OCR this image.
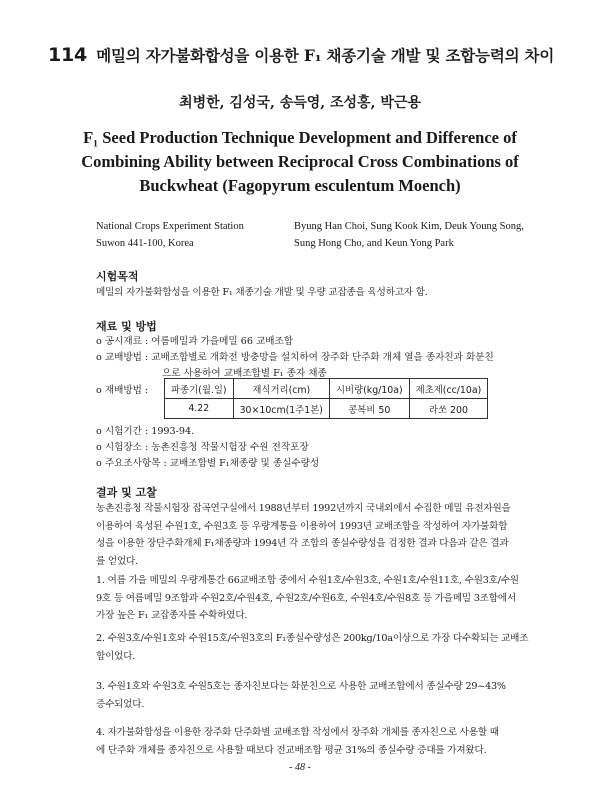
114 메밀의 자가불화합성을 이용한 F₁ 채종기술 개발 및 조합능력의 차이
최병한, 김성국, 송득영, 조성홍, 박근용
F₁ Seed Production Technique Development and Difference of
Combining Ability between Reciprocal Cross Combinations of
Buckwheat (Fagopyrum esculentum Moench)
National Crops Experiment Station
Suwon 441-100, Korea
Byung Han Choi, Sung Kook Kim, Deuk Young Song,
Sung Hong Cho, and Keun Yong Park
시험목적
메밀의 자가불화합성을 이용한 F₁ 채종기술 개발 및 우량 교잡종을 육성하고자 함.
재료 및 방법
o 공시재료 : 여름메밀과 가을메밀 66 교배조합
o 교배방법 : 교배조합별로 개화전 방충망을 설치하여 장주화 단주화 개체 열을 종자친과 화분친
으로 사용하여 교배조합별 F₁ 종자 채종
o 재배방법 : 파종기(월.일)	재식거리(cm)	시비량(kg/10a)	제초제(cc/10a)
4.22	30×10cm(1주1본)	콩복비 50	라쏘 200
o 시험기간 : 1993-94.
o 시험장소 : 농촌진흥청 작물시험장 수원 전작포장
o 주요조사항목 : 교배조합별 F₁채종량 및 종실수량성
결과 및 고찰
농촌진흥청 작물시험장 잡곡연구실에서 1988년부터 1992년까지 국내외에서 수집한 메밀 유전자원을
이용하여 육성된 수원1호, 수원3호 등 우량계통을 이용하여 1993년 교배조합을 작성하여 자가불화합
성을 이용한 장단주화개체 F₁채종량과 1994년 각 조합의 종실수량성을 검정한 결과 다음과 같은 결과
를 얻었다.
1. 여름 가을 메밀의 우량계통간 66교배조합 중에서 수원1호/수원3호, 수원1호/수원11호, 수원3호/수원
9호 등 여름메밀 9조합과 수원2호/수원4호, 수원2호/수원6호, 수원4호/수원8호 등 가을메밀 3조합에서
가장 높은 F₁ 교잡종자를 수확하였다.
2. 수원3호/수원1호와 수원15호/수원3호의 F₁종실수량성은 200kg/10a이상으로 가장 다수확되는 교배조
합이었다.
3. 수원1호와 수원3호 수원5호는 종자친보다는 화분친으로 사용한 교배조합에서 종실수량 29~43%
증수되었다.
4. 자가불화합성을 이용한 장주화 단주화별 교배조합 작성에서 장주화 개체를 종자친으로 사용할 때
에 단주화 개체를 종자친으로 사용할 때보다 전교배조합 평균 31%의 종실수량 증대를 가져왔다.
- 48 -
